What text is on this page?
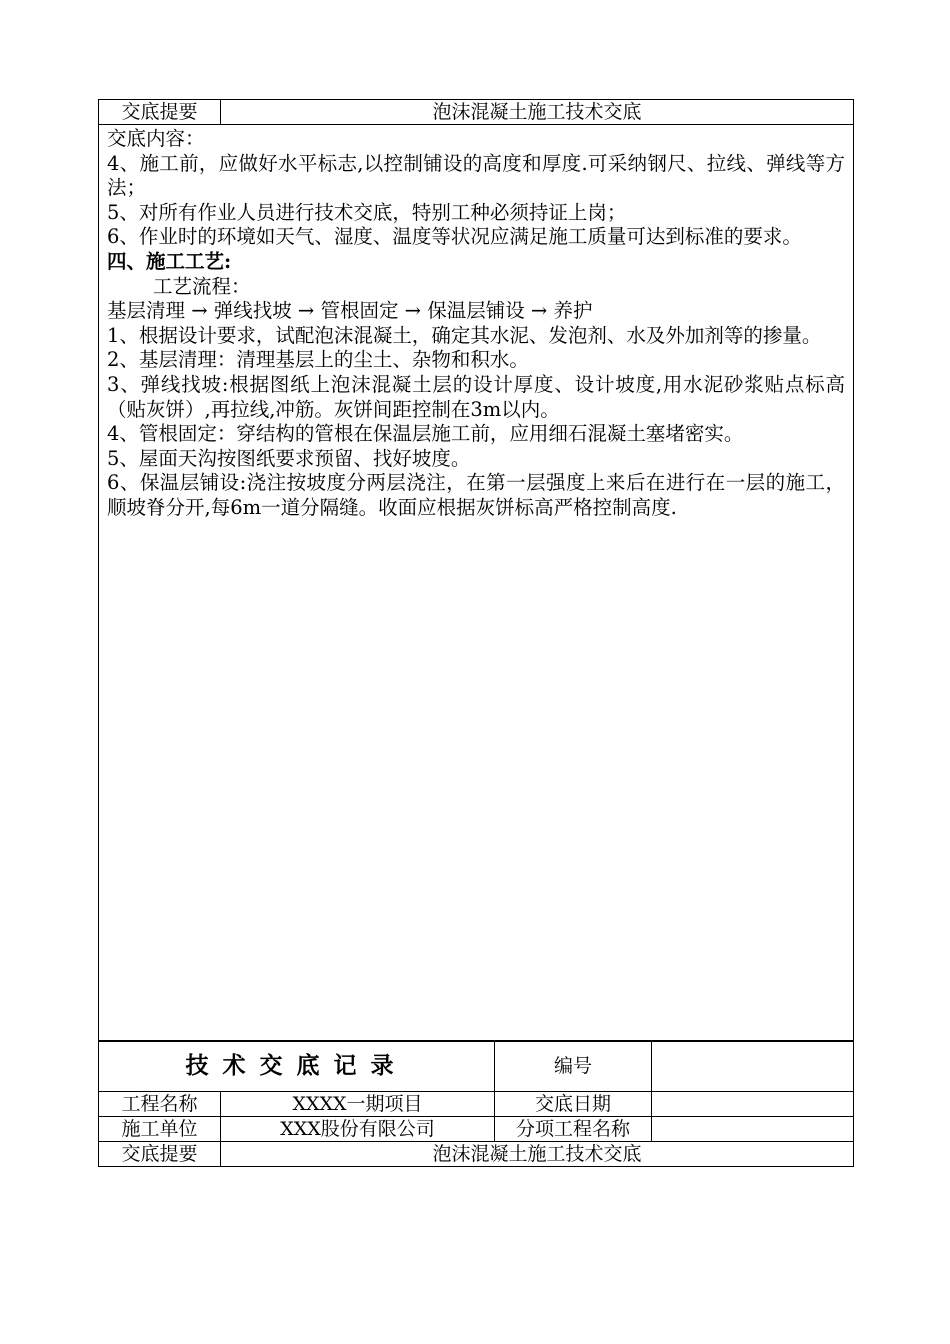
交底提要	泡沫混凝土施工技术交底

交底内容：

4、施工前，应做好水平标志,以控制铺设的高度和厚度.可采纳钢尺、拉线、弹线等方法；

5、对所有作业人员进行技术交底，特别工种必须持证上岗；

6、作业时的环境如天气、湿度、温度等状况应满足施工质量可达到标准的要求。

四、施工工艺:

工艺流程：

基层清理 → 弹线找坡 → 管根固定 → 保温层铺设 → 养护

1、根据设计要求，试配泡沫混凝土，确定其水泥、发泡剂、水及外加剂等的掺量。

2、基层清理：清理基层上的尘土、杂物和积水。

3、弹线找坡:根据图纸上泡沫混凝土层的设计厚度、设计坡度,用水泥砂浆贴点标高（贴灰饼）,再拉线,冲筋。灰饼间距控制在3m以内。

4、管根固定：穿结构的管根在保温层施工前，应用细石混凝土塞堵密实。

5、屋面天沟按图纸要求预留、找好坡度。

6、保温层铺设:浇注按坡度分两层浇注，在第一层强度上来后在进行在一层的施工，顺坡脊分开,每6m一道分隔缝。收面应根据灰饼标高严格控制高度.

技术交底记录		编号	
工程名称	XXXX一期项目	交底日期	
施工单位	XXX股份有限公司	分项工程名称	
交底提要	泡沫混凝土施工技术交底		
